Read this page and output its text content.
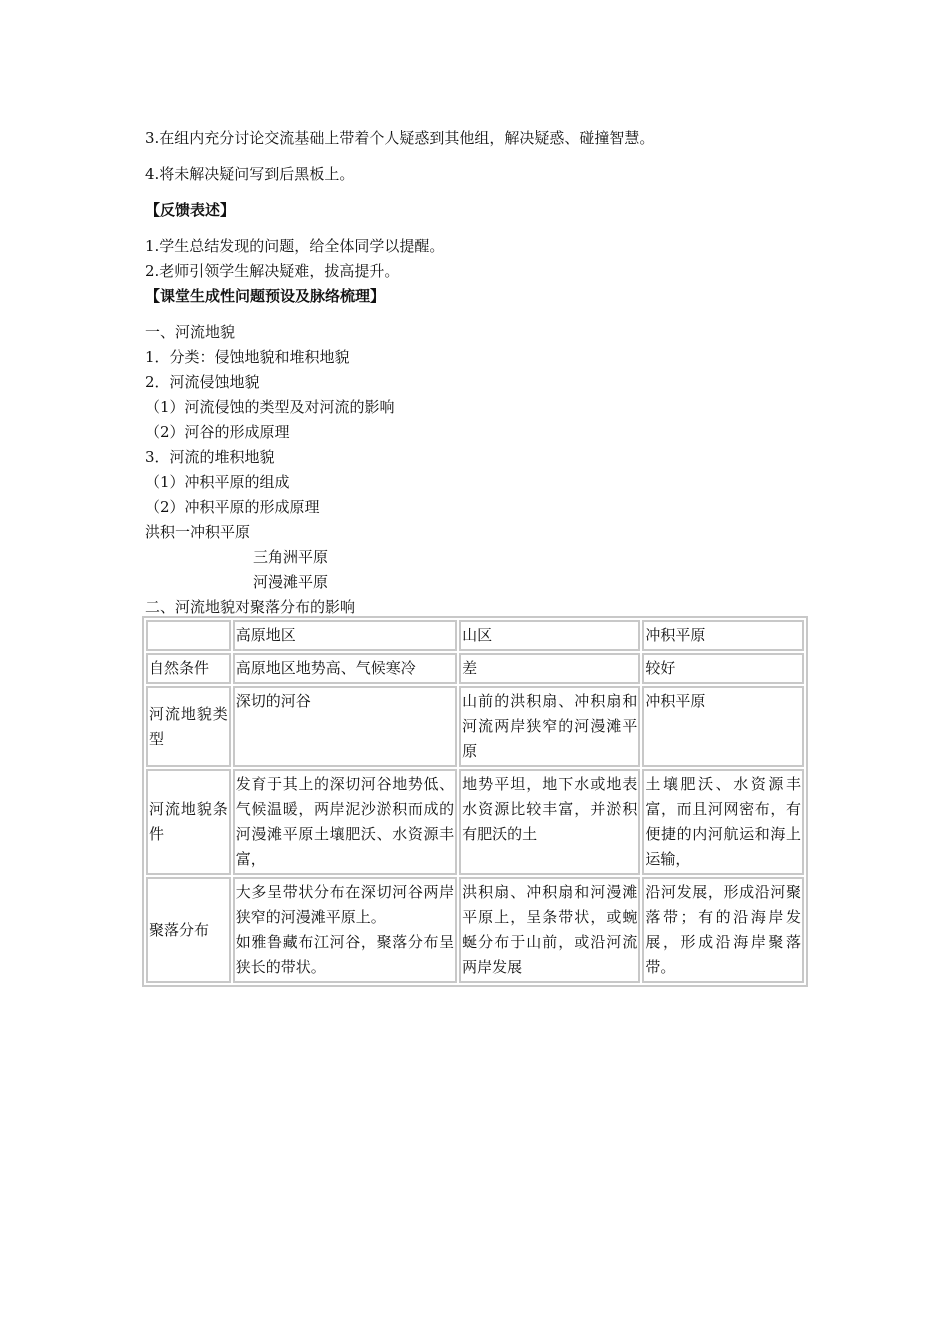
3.在组内充分讨论交流基础上带着个人疑惑到其他组，解决疑惑、碰撞智慧。
4.将未解决疑问写到后黑板上。
【反馈表述】
1.学生总结发现的问题，给全体同学以提醒。
2.老师引领学生解决疑难，拔高提升。
【课堂生成性问题预设及脉络梳理】
一、河流地貌
1．分类：侵蚀地貌和堆积地貌
2．河流侵蚀地貌
（1）河流侵蚀的类型及对河流的影响
（2）河谷的形成原理
3．河流的堆积地貌
（1）冲积平原的组成
（2）冲积平原的形成原理
洪积一冲积平原
三角洲平原
河漫滩平原
二、河流地貌对聚落分布的影响
	高原地区	山区	冲积平原
自然条件	高原地区地势高、气候寒冷	差	较好
河流地貌类型	深切的河谷	山前的洪积扇、冲积扇和河流两岸狭窄的河漫滩平原	冲积平原
河流地貌条件	发育于其上的深切河谷地势低、气候温暖，两岸泥沙淤积而成的河漫滩平原土壤肥沃、水资源丰富，	地势平坦，地下水或地表水资源比较丰富，并淤积有肥沃的土	土壤肥沃、水资源丰富，而且河网密布，有便捷的内河航运和海上运输，
聚落分布	大多呈带状分布在深切河谷两岸狭窄的河漫滩平原上。
如雅鲁藏布江河谷，聚落分布呈狭长的带状。	洪积扇、冲积扇和河漫滩平原上，呈条带状，或蜿蜒分布于山前，或沿河流两岸发展	沿河发展，形成沿河聚落带；有的沿海岸发展，形成沿海岸聚落带。
